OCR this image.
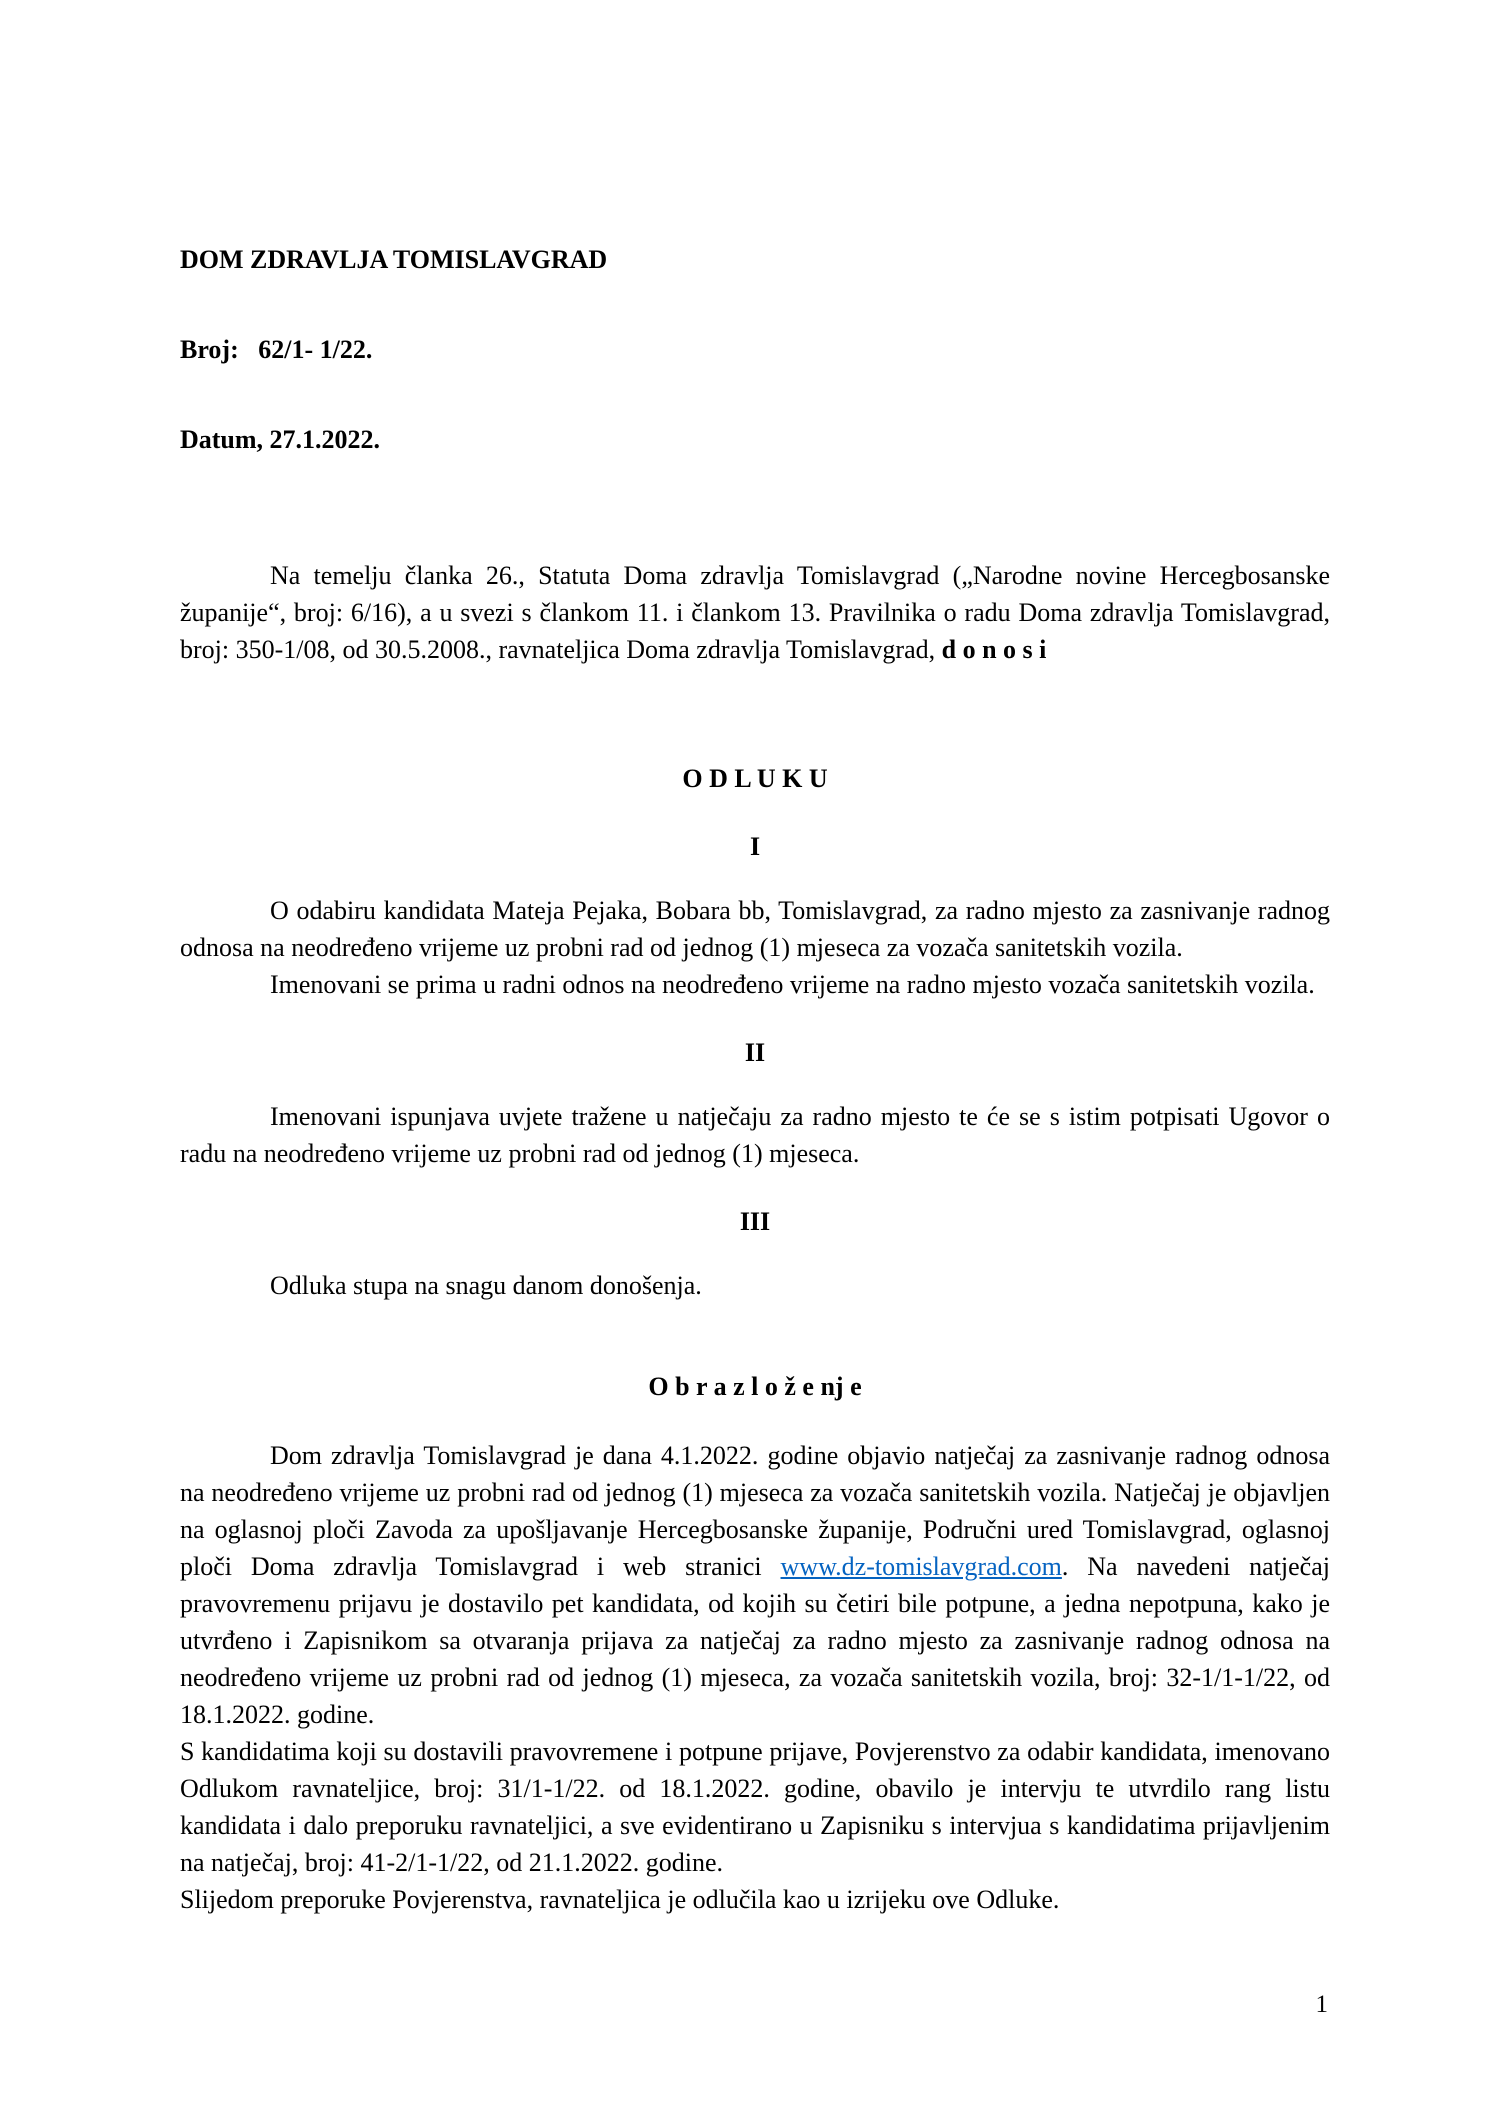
DOM ZDRAVLJA TOMISLAVGRAD

Broj:   62/1- 1/22.

Datum, 27.1.2022.

Na temelju članka 26., Statuta Doma zdravlja Tomislavgrad („Narodne novine Hercegbosanske županije“, broj: 6/16), a u svezi s člankom 11. i člankom 13. Pravilnika o radu Doma zdravlja Tomislavgrad, broj: 350-1/08, od 30.5.2008., ravnateljica Doma zdravlja Tomislavgrad, d o n o s i

O D L U K U
I

O odabiru kandidata Mateja Pejaka, Bobara bb, Tomislavgrad, za radno mjesto za zasnivanje radnog odnosa na neodređeno vrijeme uz probni rad od jednog (1) mjeseca za vozača sanitetskih vozila.

Imenovani se prima u radni odnos na neodređeno vrijeme na radno mjesto vozača sanitetskih vozila.

II

Imenovani ispunjava uvjete tražene u natječaju za radno mjesto te će se s istim potpisati Ugovor o radu na neodređeno vrijeme uz probni rad od jednog (1) mjeseca.

III

Odluka stupa na snagu danom donošenja.

O b r a z l o ž e nj e

Dom zdravlja Tomislavgrad je dana 4.1.2022. godine objavio natječaj za zasnivanje radnog odnosa na neodređeno vrijeme uz probni rad od jednog (1) mjeseca za vozača sanitetskih vozila. Natječaj je objavljen na oglasnoj ploči Zavoda za upošljavanje Hercegbosanske županije, Područni ured Tomislavgrad, oglasnoj ploči Doma zdravlja Tomislavgrad i web stranici www.dz-tomislavgrad.com. Na navedeni natječaj pravovremenu prijavu je dostavilo pet kandidata, od kojih su četiri bile potpune, a jedna nepotpuna, kako je utvrđeno i Zapisnikom sa otvaranja prijava za natječaj za radno mjesto za zasnivanje radnog odnosa na neodređeno vrijeme uz probni rad od jednog (1) mjeseca, za vozača sanitetskih vozila, broj: 32-1/1-1/22, od 18.1.2022. godine.

S kandidatima koji su dostavili pravovremene i potpune prijave, Povjerenstvo za odabir kandidata, imenovano Odlukom ravnateljice, broj: 31/1-1/22. od 18.1.2022. godine, obavilo je intervju te utvrdilo rang listu kandidata i dalo preporuku ravnateljici, a sve evidentirano u Zapisniku s intervjua s kandidatima prijavljenim na natječaj, broj: 41-2/1-1/22, od 21.1.2022. godine.

Slijedom preporuke Povjerenstva, ravnateljica je odlučila kao u izrijeku ove Odluke.

1
